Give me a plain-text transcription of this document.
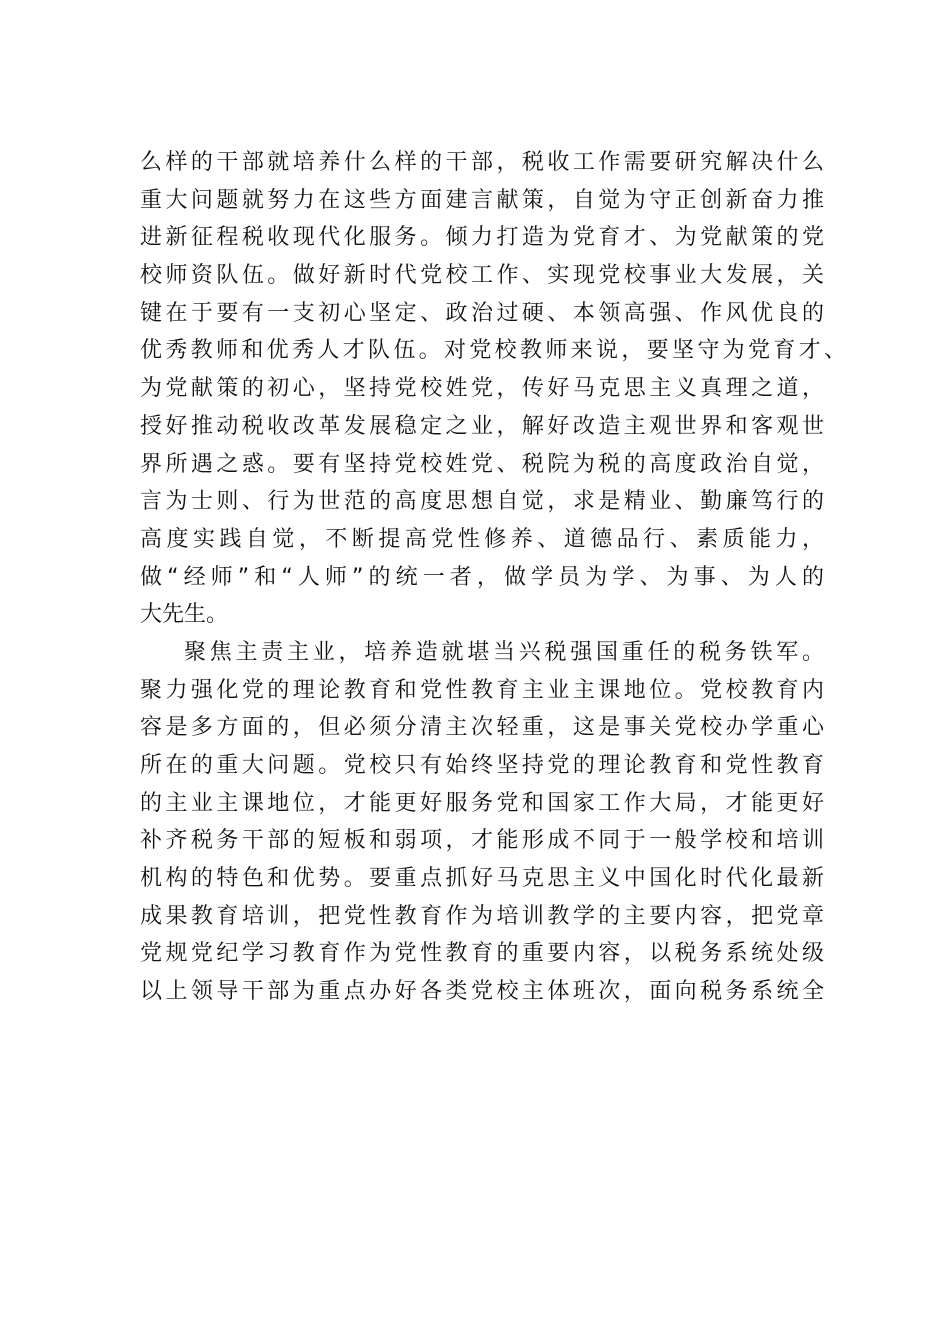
么样的干部就培养什么样的干部，税收工作需要研究解决什么
重大问题就努力在这些方面建言献策，自觉为守正创新奋力推
进新征程税收现代化服务。倾力打造为党育才、为党献策的党
校师资队伍。做好新时代党校工作、实现党校事业大发展，关
键在于要有一支初心坚定、政治过硬、本领高强、作风优良的
优秀教师和优秀人才队伍。对党校教师来说，要坚守为党育才、
为党献策的初心，坚持党校姓党，传好马克思主义真理之道，
授好推动税收改革发展稳定之业，解好改造主观世界和客观世
界所遇之惑。要有坚持党校姓党、税院为税的高度政治自觉，
言为士则、行为世范的高度思想自觉，求是精业、勤廉笃行的
高度实践自觉，不断提高党性修养、道德品行、素质能力，
做“经师”和“人师”的统一者，做学员为学、为事、为人的
大先生。
聚焦主责主业，培养造就堪当兴税强国重任的税务铁军。
聚力强化党的理论教育和党性教育主业主课地位。党校教育内
容是多方面的，但必须分清主次轻重，这是事关党校办学重心
所在的重大问题。党校只有始终坚持党的理论教育和党性教育
的主业主课地位，才能更好服务党和国家工作大局，才能更好
补齐税务干部的短板和弱项，才能形成不同于一般学校和培训
机构的特色和优势。要重点抓好马克思主义中国化时代化最新
成果教育培训，把党性教育作为培训教学的主要内容，把党章
党规党纪学习教育作为党性教育的重要内容，以税务系统处级
以上领导干部为重点办好各类党校主体班次，面向税务系统全
